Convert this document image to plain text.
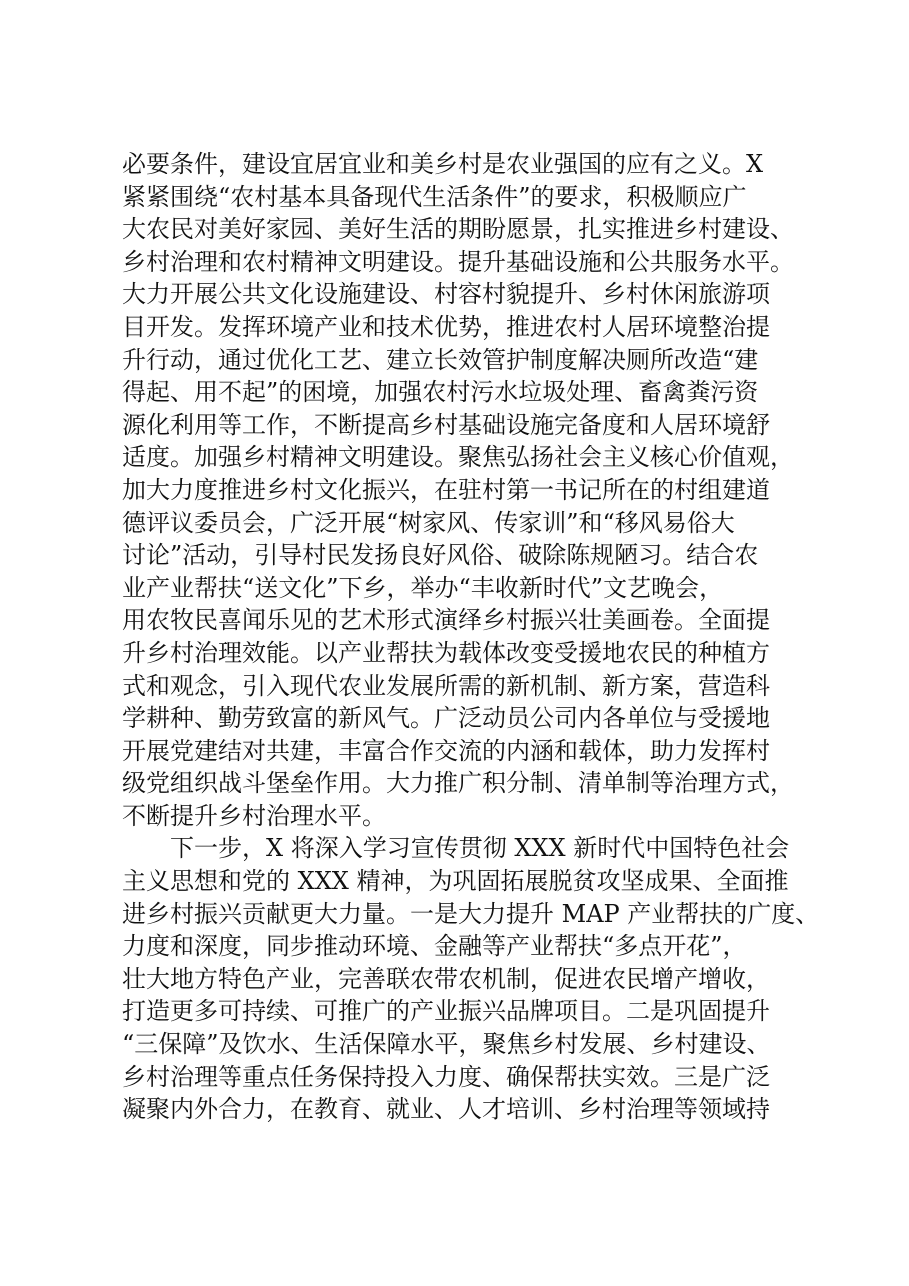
必要条件，建设宜居宜业和美乡村是农业强国的应有之义。X
紧紧围绕“农村基本具备现代生活条件”的要求，积极顺应广
大农民对美好家园、美好生活的期盼愿景，扎实推进乡村建设、
乡村治理和农村精神文明建设。提升基础设施和公共服务水平。
大力开展公共文化设施建设、村容村貌提升、乡村休闲旅游项
目开发。发挥环境产业和技术优势，推进农村人居环境整治提
升行动，通过优化工艺、建立长效管护制度解决厕所改造“建
得起、用不起”的困境，加强农村污水垃圾处理、畜禽粪污资
源化利用等工作，不断提高乡村基础设施完备度和人居环境舒
适度。加强乡村精神文明建设。聚焦弘扬社会主义核心价值观，
加大力度推进乡村文化振兴，在驻村第一书记所在的村组建道
德评议委员会，广泛开展“树家风、传家训”和“移风易俗大
讨论”活动，引导村民发扬良好风俗、破除陈规陋习。结合农
业产业帮扶“送文化”下乡，举办“丰收新时代”文艺晚会，
用农牧民喜闻乐见的艺术形式演绎乡村振兴壮美画卷。全面提
升乡村治理效能。以产业帮扶为载体改变受援地农民的种植方
式和观念，引入现代农业发展所需的新机制、新方案，营造科
学耕种、勤劳致富的新风气。广泛动员公司内各单位与受援地
开展党建结对共建，丰富合作交流的内涵和载体，助力发挥村
级党组织战斗堡垒作用。大力推广积分制、清单制等治理方式，
不断提升乡村治理水平。
下一步，X 将深入学习宣传贯彻 XXX 新时代中国特色社会
主义思想和党的 XXX 精神，为巩固拓展脱贫攻坚成果、全面推
进乡村振兴贡献更大力量。一是大力提升 MAP 产业帮扶的广度、
力度和深度，同步推动环境、金融等产业帮扶“多点开花”，
壮大地方特色产业，完善联农带农机制，促进农民增产增收，
打造更多可持续、可推广的产业振兴品牌项目。二是巩固提升
“三保障”及饮水、生活保障水平，聚焦乡村发展、乡村建设、
乡村治理等重点任务保持投入力度、确保帮扶实效。三是广泛
凝聚内外合力，在教育、就业、人才培训、乡村治理等领域持
